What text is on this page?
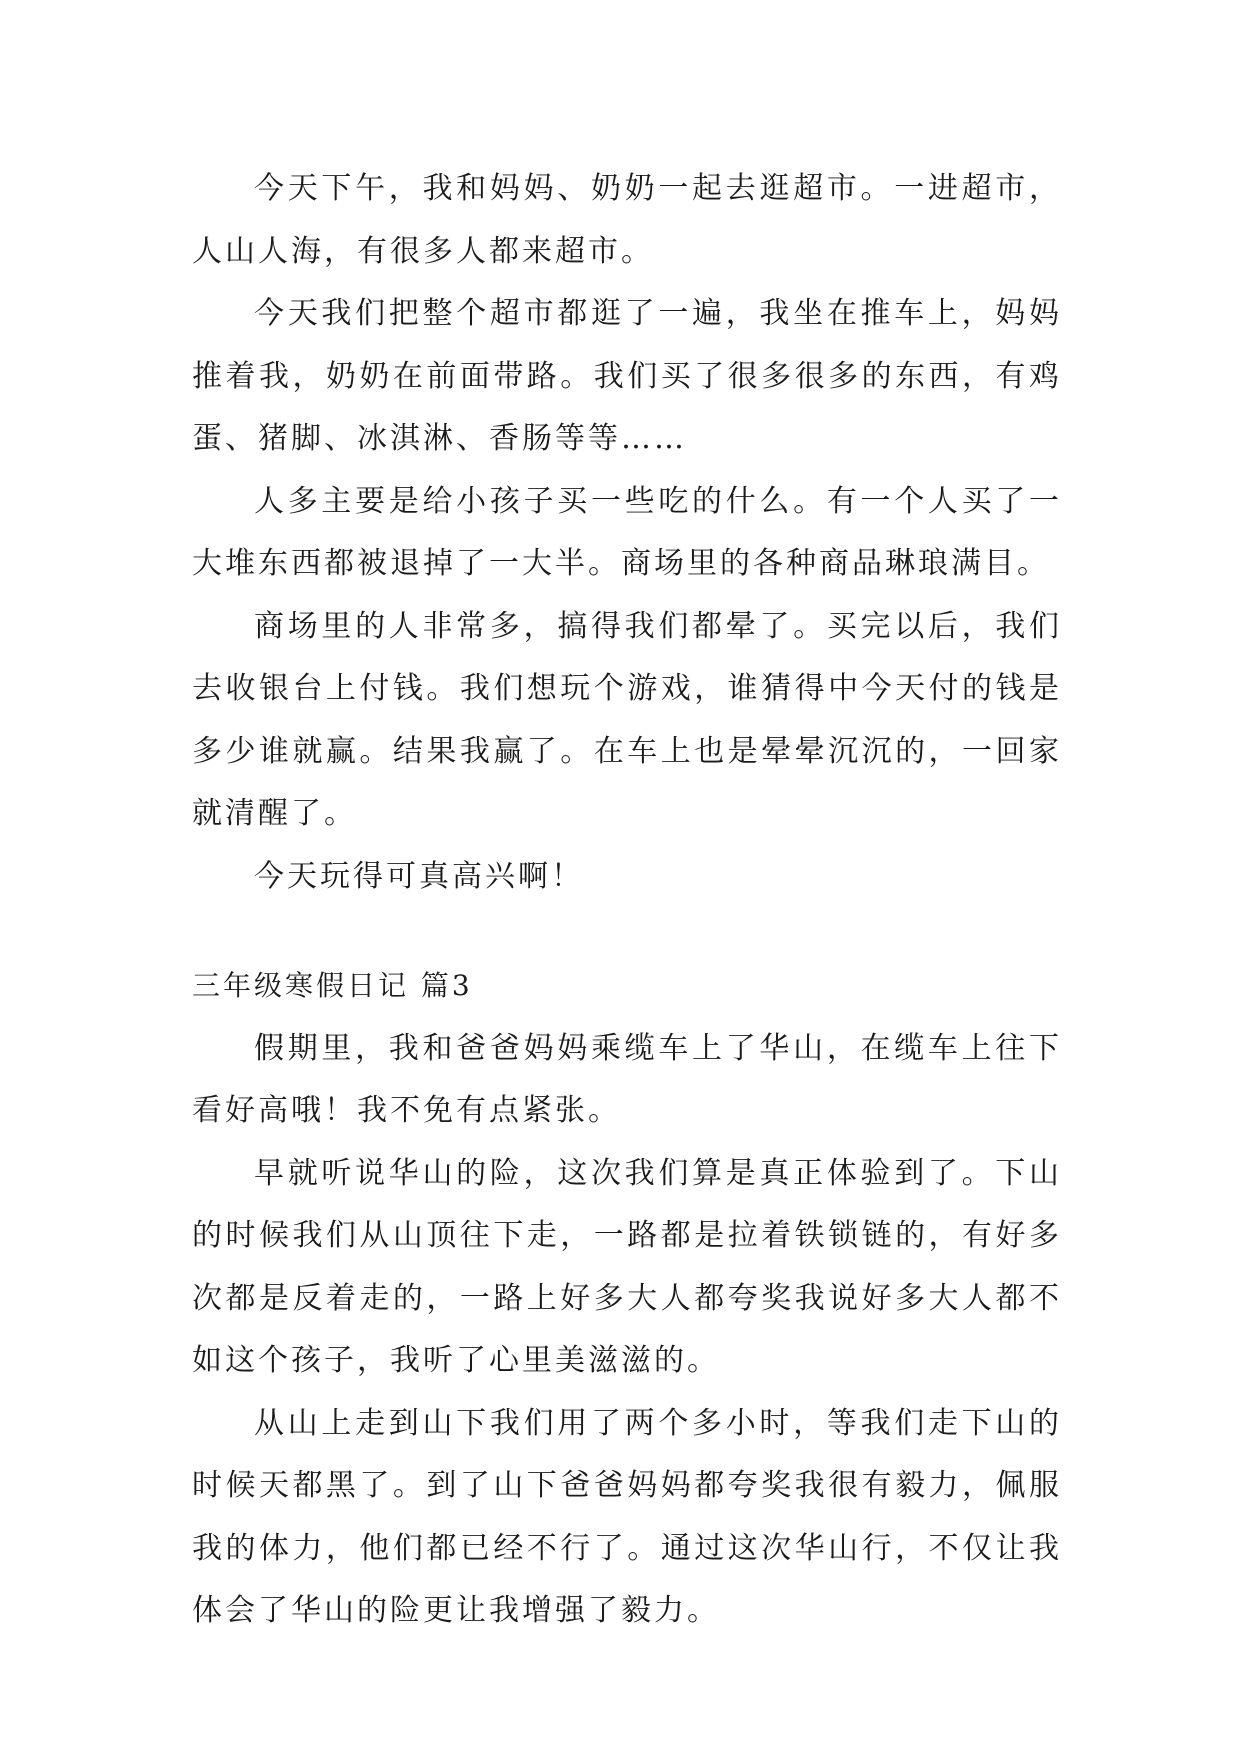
今天下午，我和妈妈、奶奶一起去逛超市。一进超市，人山人海，有很多人都来超市。

今天我们把整个超市都逛了一遍，我坐在推车上，妈妈推着我，奶奶在前面带路。我们买了很多很多的东西，有鸡蛋、猪脚、冰淇淋、香肠等等……

人多主要是给小孩子买一些吃的什么。有一个人买了一大堆东西都被退掉了一大半。商场里的各种商品琳琅满目。

商场里的人非常多，搞得我们都晕了。买完以后，我们去收银台上付钱。我们想玩个游戏，谁猜得中今天付的钱是多少谁就赢。结果我赢了。在车上也是晕晕沉沉的，一回家就清醒了。

今天玩得可真高兴啊！

三年级寒假日记 篇3

假期里，我和爸爸妈妈乘缆车上了华山，在缆车上往下看好高哦！我不免有点紧张。

早就听说华山的险，这次我们算是真正体验到了。下山的时候我们从山顶往下走，一路都是拉着铁锁链的，有好多次都是反着走的，一路上好多大人都夸奖我说好多大人都不如这个孩子，我听了心里美滋滋的。

从山上走到山下我们用了两个多小时，等我们走下山的时候天都黑了。到了山下爸爸妈妈都夸奖我很有毅力，佩服我的体力，他们都已经不行了。通过这次华山行，不仅让我体会了华山的险更让我增强了毅力。
